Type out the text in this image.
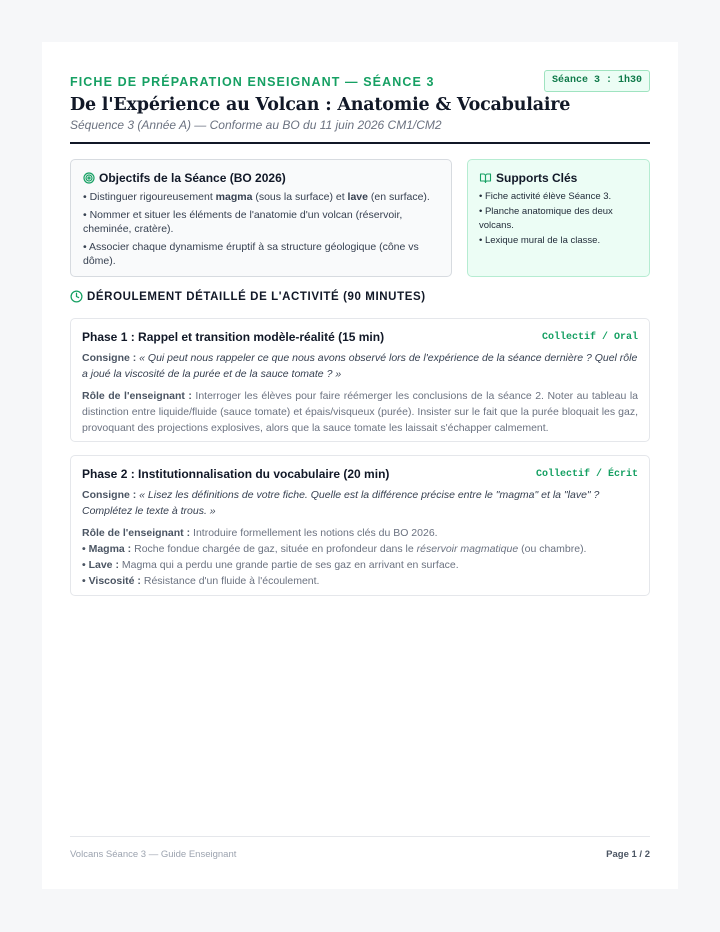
FICHE DE PRÉPARATION ENSEIGNANT — SÉANCE 3	Séance 3 : 1h30
De l'Expérience au Volcan : Anatomie & Vocabulaire
Séquence 3 (Année A) — Conforme au BO du 11 juin 2026 CM1/CM2
Objectifs de la Séance (BO 2026)
• Distinguer rigoureusement magma (sous la surface) et lave (en surface).
• Nommer et situer les éléments de l'anatomie d'un volcan (réservoir, cheminée, cratère).
• Associer chaque dynamisme éruptif à sa structure géologique (cône vs dôme).
Supports Clés
• Fiche activité élève Séance 3.
• Planche anatomique des deux volcans.
• Lexique mural de la classe.
DÉROULEMENT DÉTAILLÉ DE L'ACTIVITÉ (90 MINUTES)
Phase 1 : Rappel et transition modèle-réalité (15 min)	Collectif / Oral
Consigne : « Qui peut nous rappeler ce que nous avons observé lors de l'expérience de la séance dernière ? Quel rôle a joué la viscosité de la purée et de la sauce tomate ? »
Rôle de l'enseignant : Interroger les élèves pour faire réémerger les conclusions de la séance 2. Noter au tableau la distinction entre liquide/fluide (sauce tomate) et épais/visqueux (purée). Insister sur le fait que la purée bloquait les gaz, provoquant des projections explosives, alors que la sauce tomate les laissait s'échapper calmement.
Phase 2 : Institutionnalisation du vocabulaire (20 min)	Collectif / Écrit
Consigne : « Lisez les définitions de votre fiche. Quelle est la différence précise entre le "magma" et la "lave" ? Complétez le texte à trous. »
Rôle de l'enseignant : Introduire formellement les notions clés du BO 2026.
• Magma : Roche fondue chargée de gaz, située en profondeur dans le réservoir magmatique (ou chambre).
• Lave : Magma qui a perdu une grande partie de ses gaz en arrivant en surface.
• Viscosité : Résistance d'un fluide à l'écoulement.
Volcans Séance 3 — Guide Enseignant	Page 1 / 2
